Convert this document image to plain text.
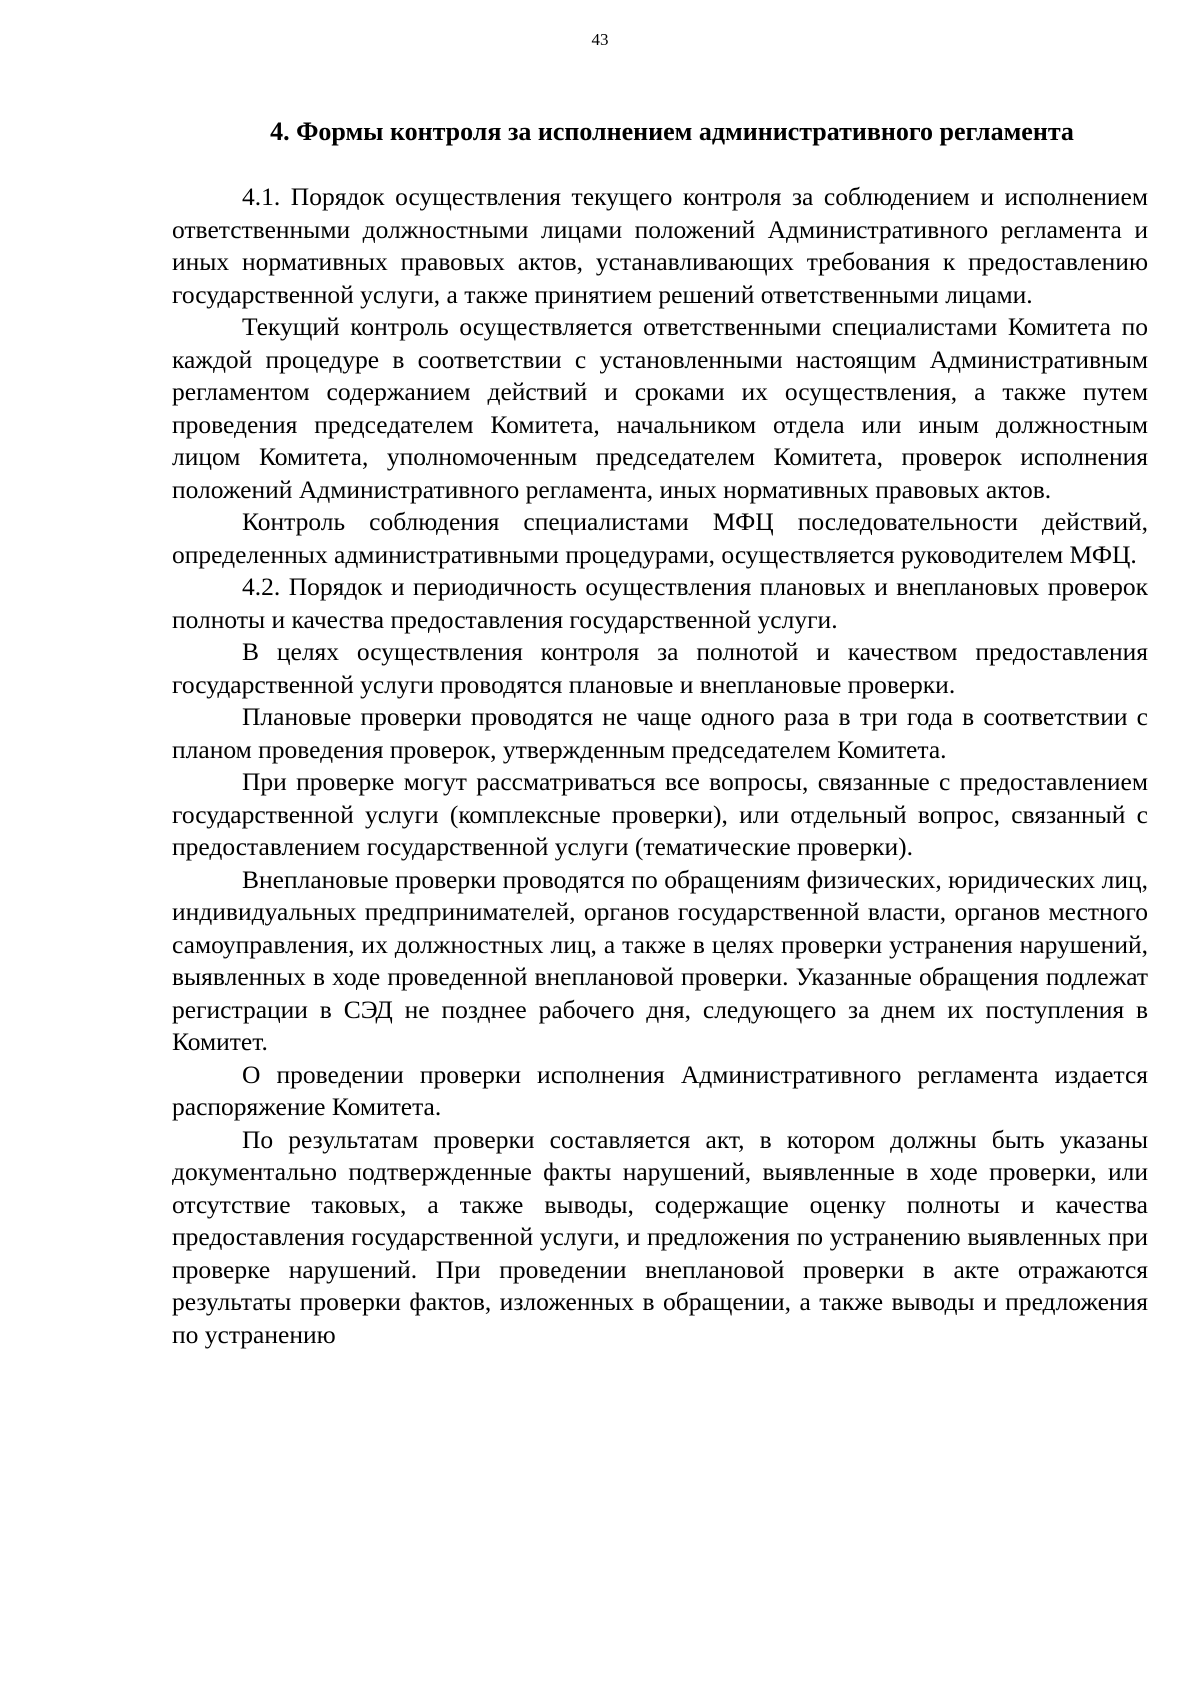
43
4. Формы контроля за исполнением административного регламента

4.1. Порядок осуществления текущего контроля за соблюдением и исполнением ответственными должностными лицами положений Административного регламента и иных нормативных правовых актов, устанавливающих требования к предоставлению государственной услуги, а также принятием решений ответственными лицами.

Текущий контроль осуществляется ответственными специалистами Комитета по каждой процедуре в соответствии с установленными настоящим Административным регламентом содержанием действий и сроками их осуществления, а также путем проведения председателем Комитета, начальником отдела или иным должностным лицом Комитета, уполномоченным председателем Комитета, проверок исполнения положений Административного регламента, иных нормативных правовых актов.

Контроль соблюдения специалистами МФЦ последовательности действий, определенных административными процедурами, осуществляется руководителем МФЦ.

4.2. Порядок и периодичность осуществления плановых и внеплановых проверок полноты и качества предоставления государственной услуги.

В целях осуществления контроля за полнотой и качеством предоставления государственной услуги проводятся плановые и внеплановые проверки.

Плановые проверки проводятся не чаще одного раза в три года в соответствии с планом проведения проверок, утвержденным председателем Комитета.

При проверке могут рассматриваться все вопросы, связанные с предоставлением государственной услуги (комплексные проверки), или отдельный вопрос, связанный с предоставлением государственной услуги (тематические проверки).

Внеплановые проверки проводятся по обращениям физических, юридических лиц, индивидуальных предпринимателей, органов государственной власти, органов местного самоуправления, их должностных лиц, а также в целях проверки устранения нарушений, выявленных в ходе проведенной внеплановой проверки. Указанные обращения подлежат регистрации в СЭД не позднее рабочего дня, следующего за днем их поступления в Комитет.

О проведении проверки исполнения Административного регламента издается распоряжение Комитета.

По результатам проверки составляется акт, в котором должны быть указаны документально подтвержденные факты нарушений, выявленные в ходе проверки, или отсутствие таковых, а также выводы, содержащие оценку полноты и качества предоставления государственной услуги, и предложения по устранению выявленных при проверке нарушений. При проведении внеплановой проверки в акте отражаются результаты проверки фактов, изложенных в обращении, а также выводы и предложения по устранению
